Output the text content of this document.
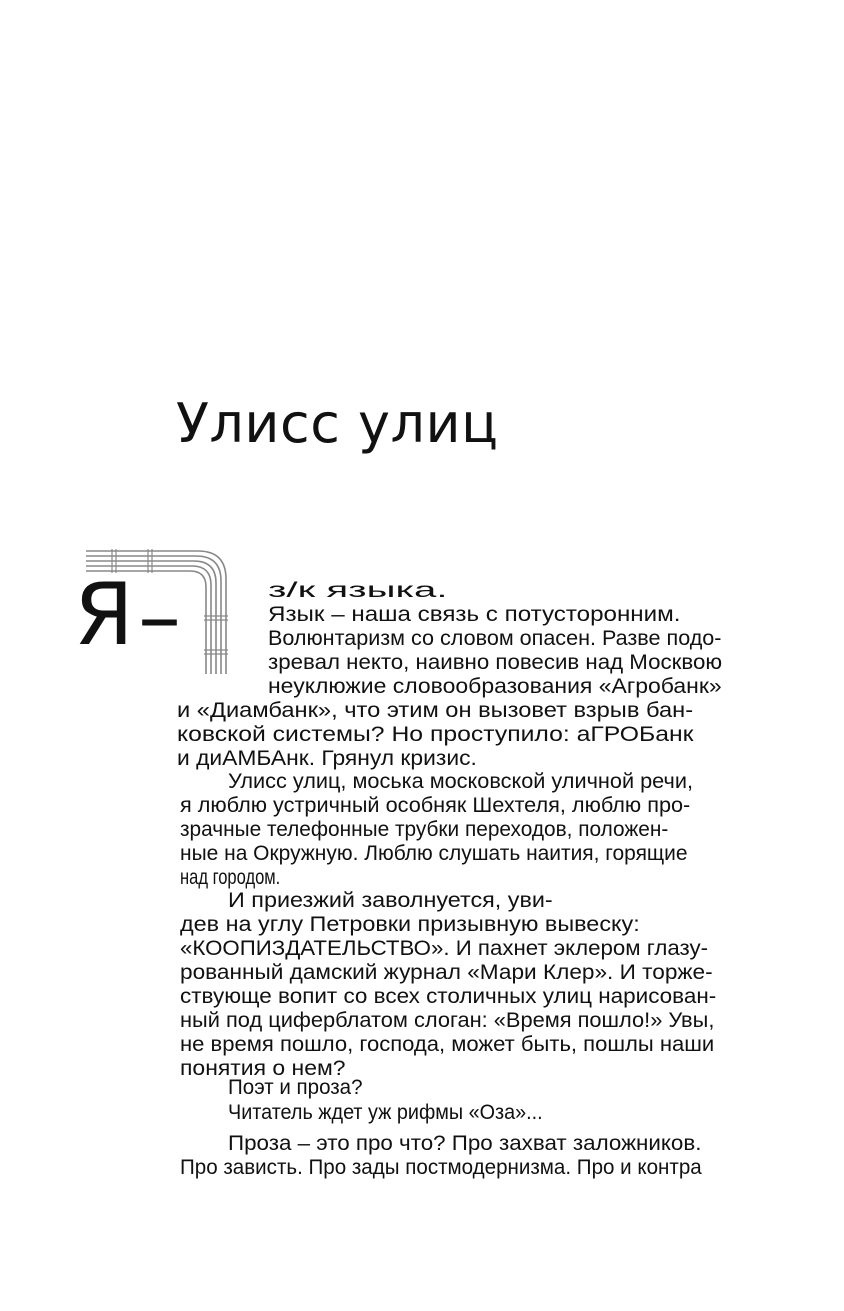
Улисс улиц
Я –	з/к языка.
Язык – наша связь с потусторонним.
Волюнтаризм со словом опасен. Разве подо-
зревал некто, наивно повесив над Москвою
неуклюжие словообразования «Агробанк»
и «Диамбанк», что этим он вызовет взрыв бан-
ковской системы? Но проступило: аГРОБанк
и диАМБАнк. Грянул кризис.
Улисс улиц, моська московской уличной речи,
я люблю устричный особняк Шехтеля, люблю про-
зрачные телефонные трубки переходов, положен-
ные на Окружную. Люблю слушать наития, горящие
над городом.
И приезжий заволнуется, уви-
дев на углу Петровки призывную вывеску:
«КООПИЗДАТЕЛЬСТВО». И пахнет эклером глазу-
рованный дамский журнал «Мари Клер». И торже-
ствующе вопит со всех столичных улиц нарисован-
ный под циферблатом слоган: «Время пошло!» Увы,
не время пошло, господа, может быть, пошлы наши
понятия о нем?
Поэт и проза?
Читатель ждет уж рифмы «Оза»...
Проза – это про что? Про захват заложников.
Про зависть. Про зады постмодернизма. Про и контра
